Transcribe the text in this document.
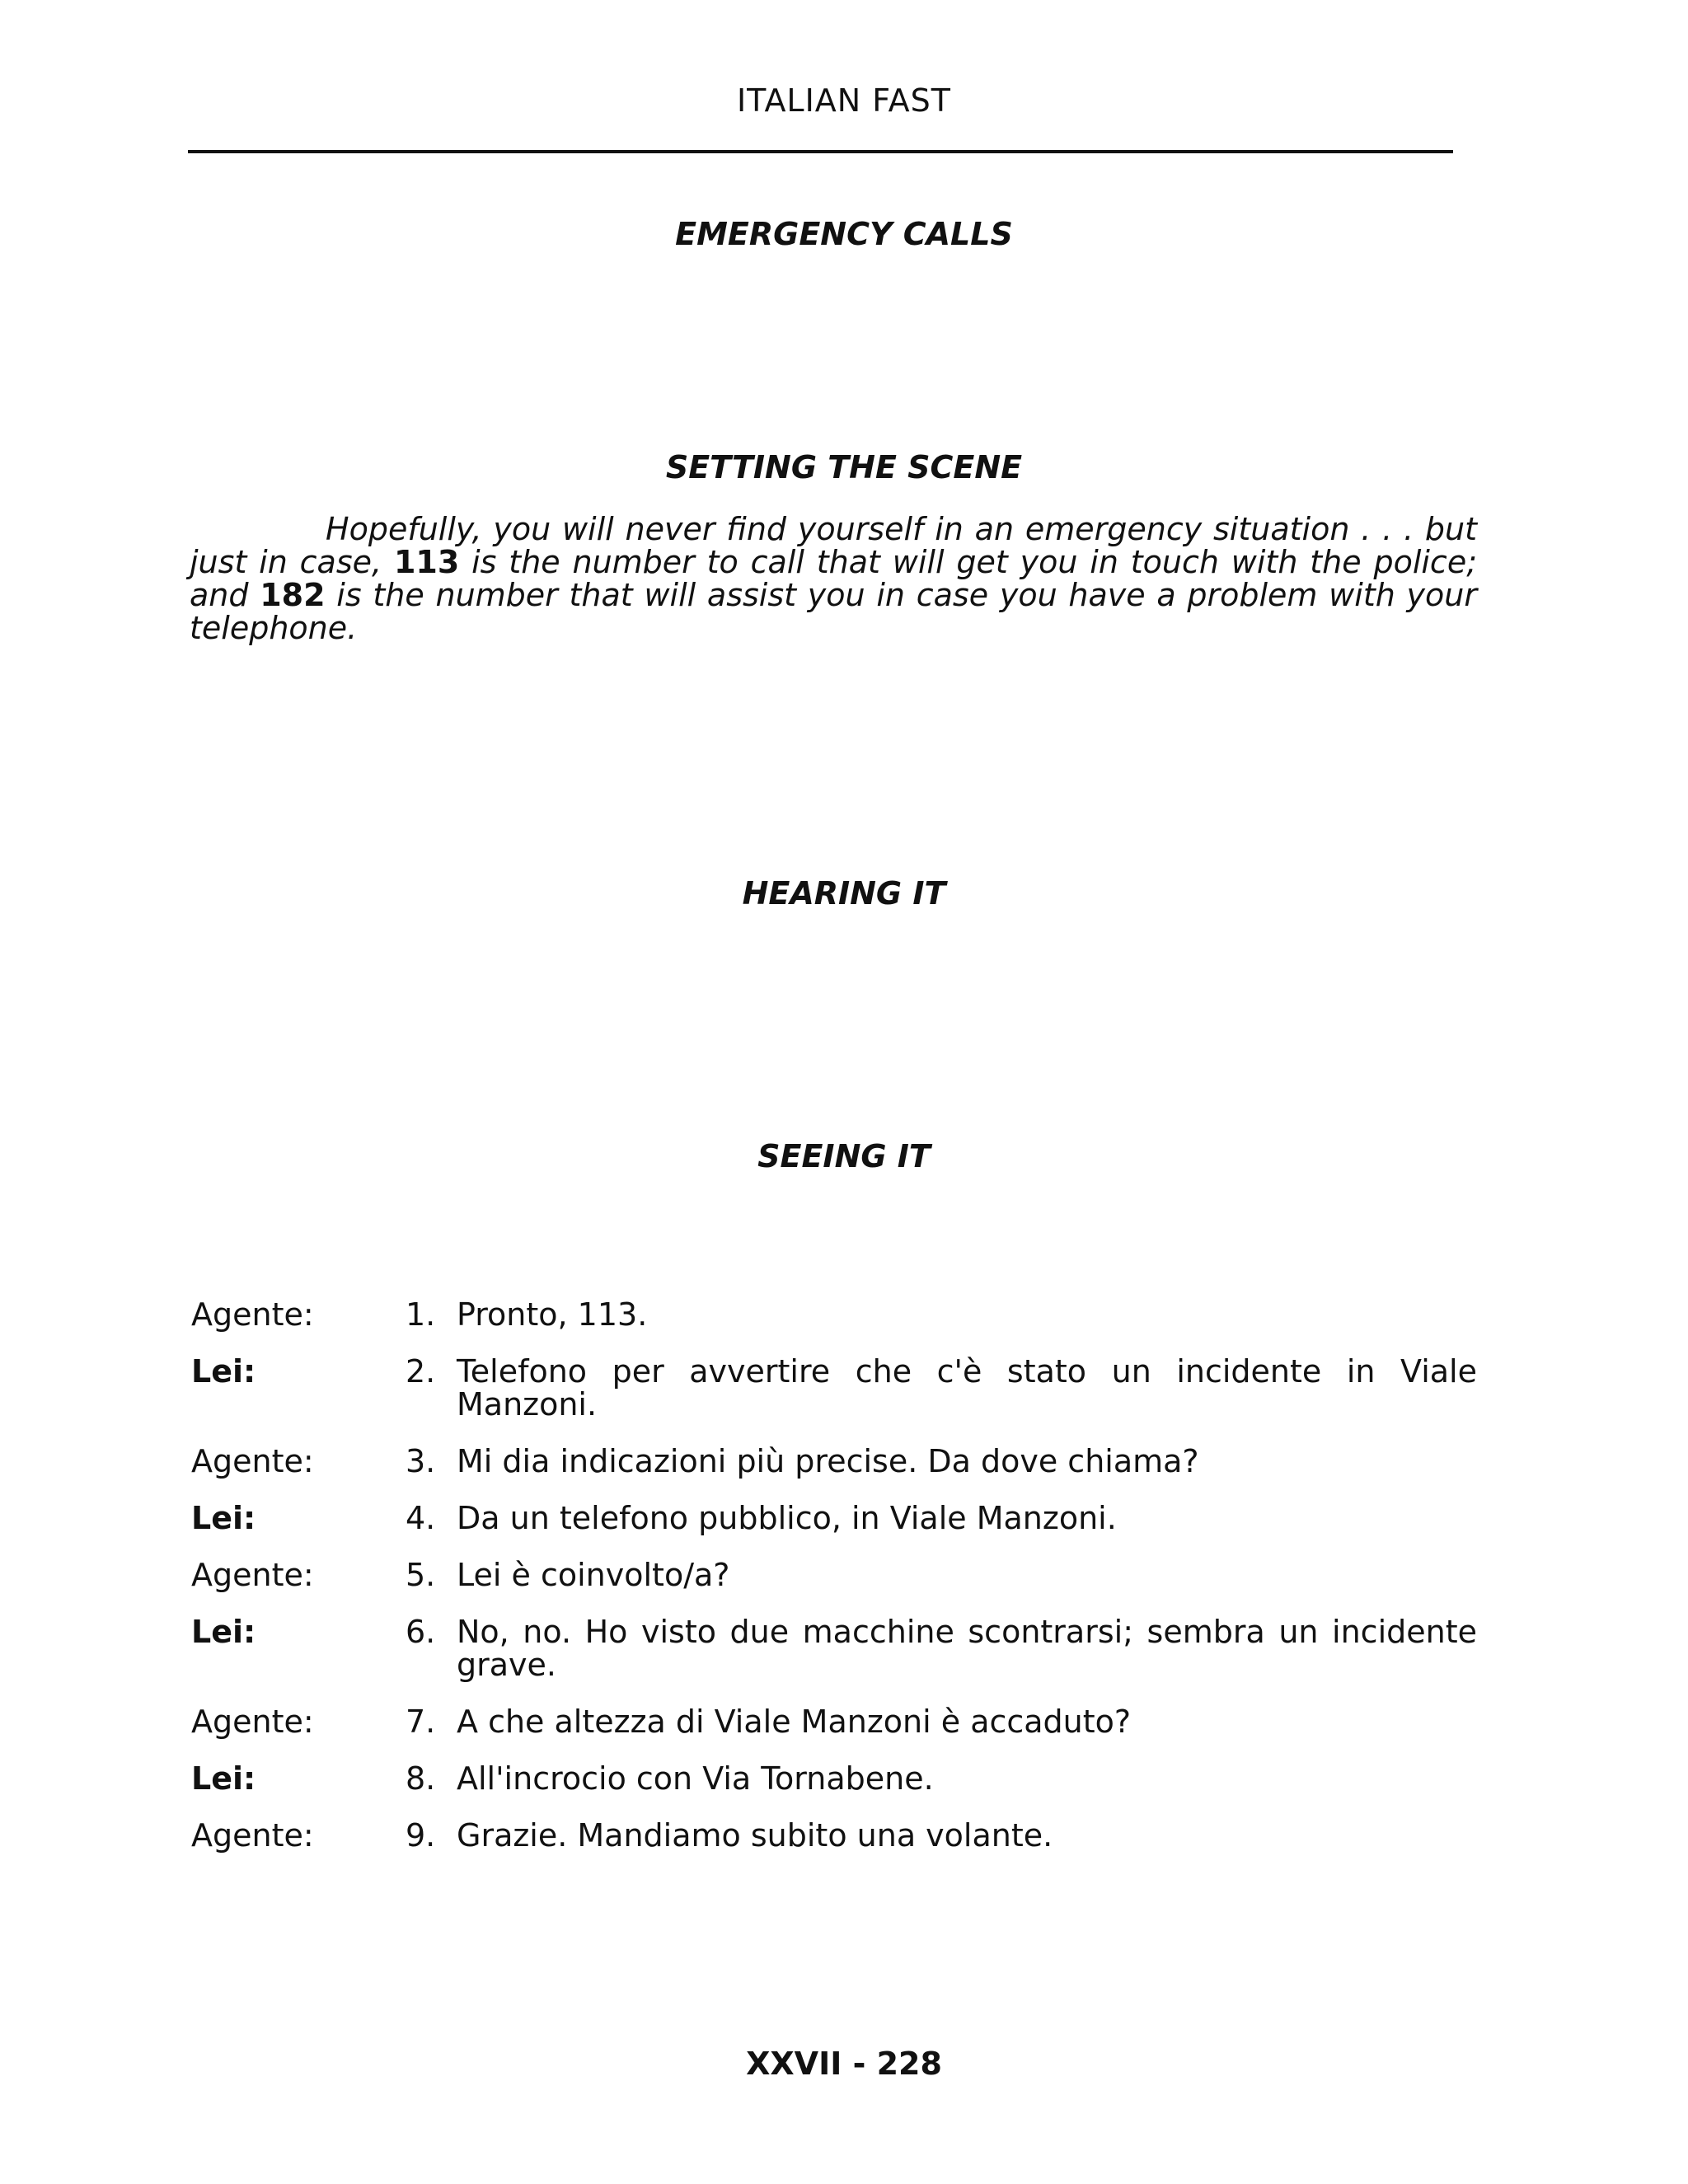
ITALIAN FAST
EMERGENCY CALLS
SETTING THE SCENE
Hopefully, you will never find yourself in an emergency situation . . . but just in case, 113 is the number to call that will get you in touch with the police; and 182 is the number that will assist you in case you have a problem with your telephone.
HEARING IT
SEEING IT
Agente:	1. Pronto, 113.
Lei:	2. Telefono per avvertire che c'è stato un incidente in Viale Manzoni.
Agente:	3. Mi dia indicazioni più precise. Da dove chiama?
Lei:	4. Da un telefono pubblico, in Viale Manzoni.
Agente:	5. Lei è coinvolto/a?
Lei:	6. No, no. Ho visto due macchine scontrarsi; sembra un incidente grave.
Agente:	7. A che altezza di Viale Manzoni è accaduto?
Lei:	8. All'incrocio con Via Tornabene.
Agente:	9. Grazie. Mandiamo subito una volante.
XXVII - 228
